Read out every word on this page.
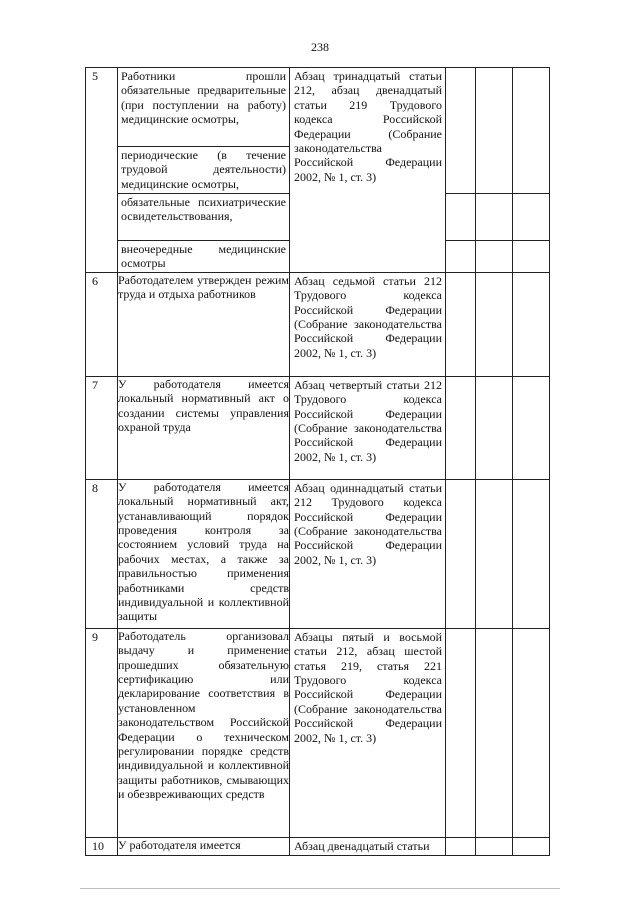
238
5	Работники прошли обязательные предварительные (при поступлении на работу) медицинские осмотры,	Абзац тринадцатый статьи 212, абзац двенадцатый статьи 219 Трудового кодекса Российской Федерации (Собрание законодательства Российской Федерации 2002, № 1, ст. 3)			
	периодические (в течение трудовой деятельности) медицинские осмотры,				
	обязательные психиатрические освидетельствования,				
	внеочередные медицинские осмотры				
6	Работодателем утвержден режим труда и отдыха работников	Абзац седьмой статьи 212 Трудового кодекса Российской Федерации (Собрание законодательства Российской Федерации 2002, № 1, ст. 3)			
7	У работодателя имеется локальный нормативный акт о создании системы управления охраной труда	Абзац четвертый статьи 212 Трудового кодекса Российской Федерации (Собрание законодательства Российской Федерации 2002, № 1, ст. 3)			
8	У работодателя имеется локальный нормативный акт, устанавливающий порядок проведения контроля за состоянием условий труда на рабочих местах, а также за правильностью применения работниками средств индивидуальной и коллективной защиты	Абзац одиннадцатый статьи 212 Трудового кодекса Российской Федерации (Собрание законодательства Российской Федерации 2002, № 1, ст. 3)			
9	Работодатель организовал выдачу и применение прошедших обязательную сертификацию или декларирование соответствия в установленном законодательством Российской Федерации о техническом регулировании порядке средств индивидуальной и коллективной защиты работников, смывающих и обезвреживающих средств	Абзацы пятый и восьмой статьи 212, абзац шестой статья 219, статья 221 Трудового кодекса Российской Федерации (Собрание законодательства Российской Федерации 2002, № 1, ст. 3)			
10	У работодателя имеется	Абзац двенадцатый статьи			
